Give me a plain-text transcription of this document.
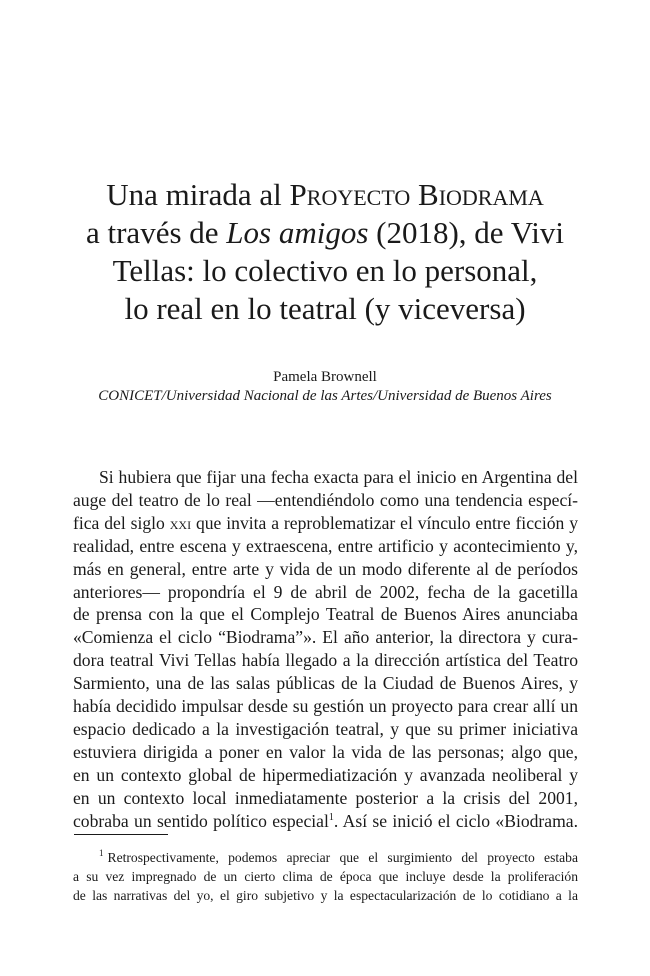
Una mirada al Proyecto Biodrama
a través de Los amigos (2018), de Vivi
Tellas: lo colectivo en lo personal,
lo real en lo teatral (y viceversa)
Pamela Brownell
CONICET/Universidad Nacional de las Artes/Universidad de Buenos Aires
Si hubiera que fijar una fecha exacta para el inicio en Argentina del
auge del teatro de lo real —entendiéndolo como una tendencia especí-
fica del siglo xxi que invita a reproblematizar el vínculo entre ficción y
realidad, entre escena y extraescena, entre artificio y acontecimiento y,
más en general, entre arte y vida de un modo diferente al de períodos
anteriores— propondría el 9 de abril de 2002, fecha de la gacetilla
de prensa con la que el Complejo Teatral de Buenos Aires anunciaba
«Comienza el ciclo “Biodrama”». El año anterior, la directora y cura-
dora teatral Vivi Tellas había llegado a la dirección artística del Teatro
Sarmiento, una de las salas públicas de la Ciudad de Buenos Aires, y
había decidido impulsar desde su gestión un proyecto para crear allí un
espacio dedicado a la investigación teatral, y que su primer iniciativa
estuviera dirigida a poner en valor la vida de las personas; algo que,
en un contexto global de hipermediatización y avanzada neoliberal y
en un contexto local inmediatamente posterior a la crisis del 2001,
cobraba un sentido político especial$^1$. Así se inició el ciclo «Biodrama.
$^1$ Retrospectivamente, podemos apreciar que el surgimiento del proyecto estaba
a su vez impregnado de un cierto clima de época que incluye desde la proliferación
de las narrativas del yo, el giro subjetivo y la espectacularización de lo cotidiano a la
